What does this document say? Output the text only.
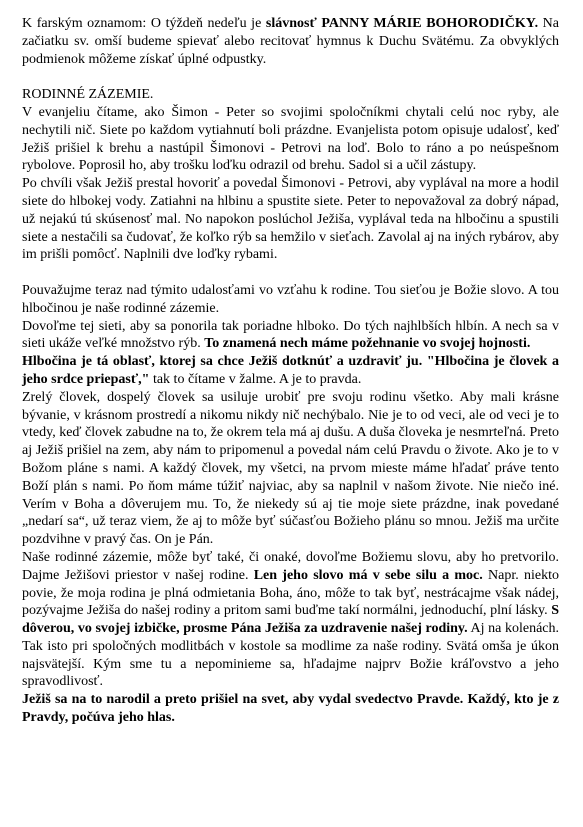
K farským oznamom: O týždeň nedeľu je slávnosť PANNY MÁRIE BOHORODIČKY. Na začiatku sv. omší budeme spievať alebo recitovať hymnus k Duchu Svätému. Za obvyklých podmienok môžeme získať úplné odpustky.

RODINNÉ ZÁZEMIE.

V evanjeliu čítame, ako Šimon - Peter so svojimi spoločníkmi chytali celú noc ryby, ale nechytili nič. Siete po každom vytiahnutí boli prázdne. Evanjelista potom opisuje udalosť, keď Ježiš prišiel k brehu a nastúpil Šimonovi - Petrovi na loď. Bolo to ráno a po neúspešnom rybolove. Poprosil ho, aby trošku loďku odrazil od brehu. Sadol si a učil zástupy.

Po chvíli však Ježiš prestal hovoriť a povedal Šimonovi - Petrovi, aby vyplával na more a hodil siete do hlbokej vody. Zatiahni na hlbinu a spustite siete. Peter to nepovažoval za dobrý nápad, už nejakú tú skúsenosť mal. No napokon poslúchol Ježiša, vyplával teda na hlbočinu a spustili siete a nestačili sa čudovať, že koľko rýb sa hemžilo v sieťach. Zavolal aj na iných rybárov, aby im prišli pomôcť. Naplnili dve loďky rybami.

Pouvažujme teraz nad týmito udalosťami vo vzťahu k rodine. Tou sieťou je Božie slovo. A tou hlbočinou je naše rodinné zázemie.

Dovoľme tej sieti, aby sa ponorila tak poriadne hlboko. Do tých najhlbších hlbín. A nech sa v sieti ukáže veľké množstvo rýb. To znamená nech máme požehnanie vo svojej hojnosti.

Hlbočina je tá oblasť, ktorej sa chce Ježiš dotknúť a uzdraviť ju. "Hlbočina je človek a jeho srdce priepasť," tak to čítame v žalme. A je to pravda.

Zrelý človek, dospelý človek sa usiluje urobiť pre svoju rodinu všetko. Aby mali krásne bývanie, v krásnom prostredí a nikomu nikdy nič nechýbalo. Nie je to od veci, ale od veci je to vtedy, keď človek zabudne na to, že okrem tela má aj dušu. A duša človeka je nesmrteľná. Preto aj Ježiš prišiel na zem, aby nám to pripomenul a povedal nám celú Pravdu o živote. Ako je to v Božom pláne s nami. A každý človek, my všetci, na prvom mieste máme hľadať práve tento Boží plán s nami. Po ňom máme túžiť najviac, aby sa naplnil v našom živote. Nie niečo iné. Verím v Boha a dôverujem mu. To, že niekedy sú aj tie moje siete prázdne, inak povedané „nedarí sa“, už teraz viem, že aj to môže byť súčasťou Božieho plánu so mnou. Ježiš ma určite pozdvihne v pravý čas. On je Pán.

Naše rodinné zázemie, môže byť také, či onaké, dovoľme Božiemu slovu, aby ho pretvorilo. Dajme Ježišovi priestor v našej rodine. Len jeho slovo má v sebe silu a moc. Napr. niekto povie, že moja rodina je plná odmietania Boha, áno, môže to tak byť, nestrácajme však nádej, pozývajme Ježiša do našej rodiny a pritom sami buďme takí normálni, jednoduchí, plní lásky. S dôverou, vo svojej izbičke, prosme Pána Ježiša za uzdravenie našej rodiny. Aj na kolenách. Tak isto pri spoločných modlitbách v kostole sa modlime za naše rodiny. Svätá omša je úkon najsvätejší. Kým sme tu a nepominieme sa, hľadajme najprv Božie kráľovstvo a jeho spravodlivosť.

Ježiš sa na to narodil a preto prišiel na svet, aby vydal svedectvo Pravde. Každý, kto je z Pravdy, počúva jeho hlas.
